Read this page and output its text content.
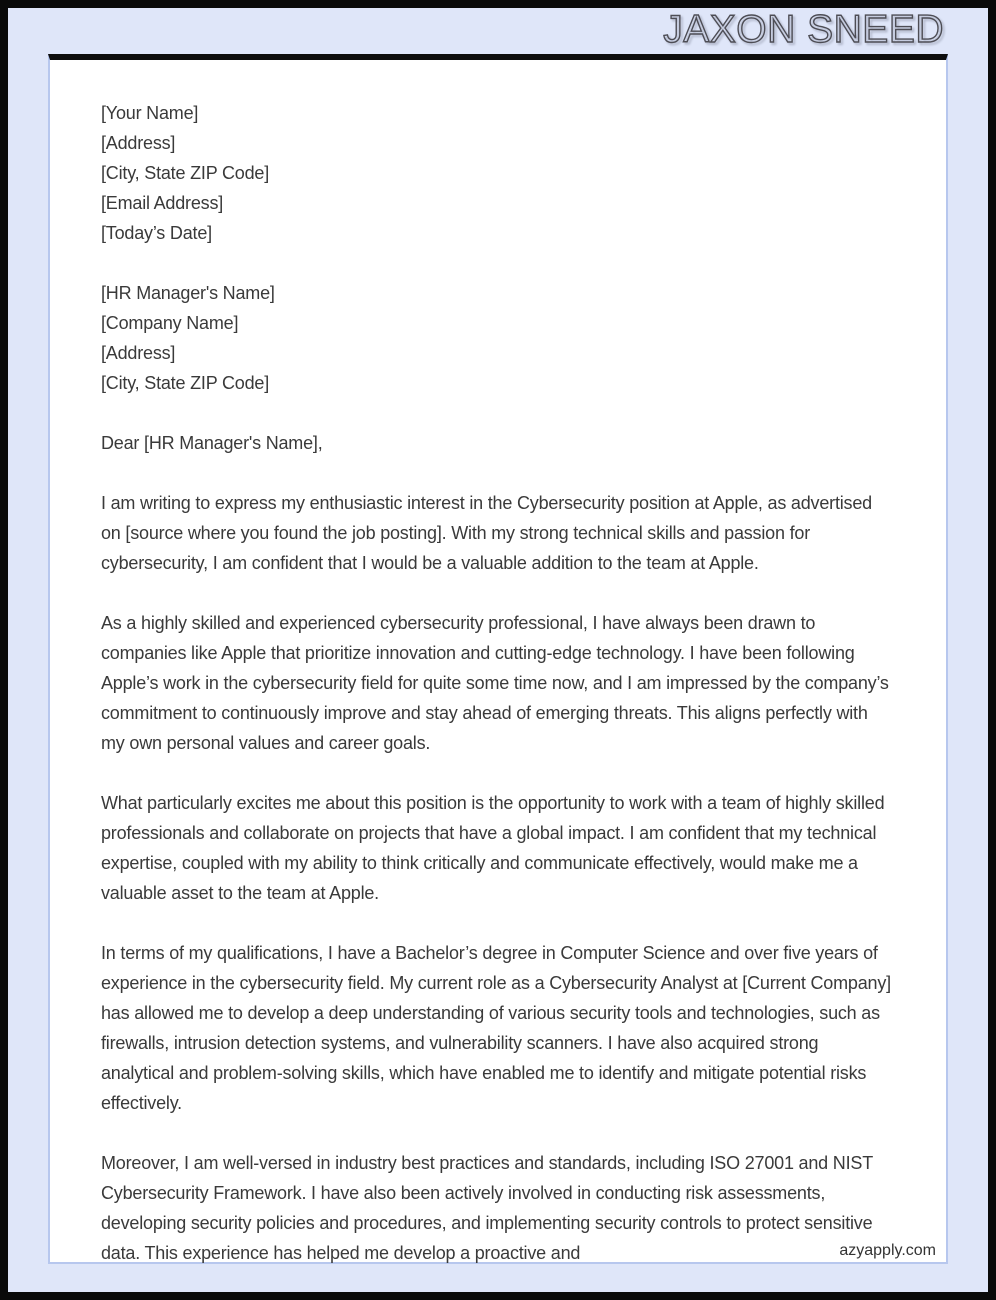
JAXON SNEED
[Your Name]
[Address]
[City, State ZIP Code]
[Email Address]
[Today’s Date]
[HR Manager's Name]
[Company Name]
[Address]
[City, State ZIP Code]
Dear [HR Manager's Name],

I am writing to express my enthusiastic interest in the Cybersecurity position at Apple, as advertised on [source where you found the job posting]. With my strong technical skills and passion for cybersecurity, I am confident that I would be a valuable addition to the team at Apple.

As a highly skilled and experienced cybersecurity professional, I have always been drawn to companies like Apple that prioritize innovation and cutting-edge technology. I have been following Apple’s work in the cybersecurity field for quite some time now, and I am impressed by the company’s commitment to continuously improve and stay ahead of emerging threats. This aligns perfectly with my own personal values and career goals.

What particularly excites me about this position is the opportunity to work with a team of highly skilled professionals and collaborate on projects that have a global impact. I am confident that my technical expertise, coupled with my ability to think critically and communicate effectively, would make me a valuable asset to the team at Apple.

In terms of my qualifications, I have a Bachelor’s degree in Computer Science and over five years of experience in the cybersecurity field. My current role as a Cybersecurity Analyst at [Current Company] has allowed me to develop a deep understanding of various security tools and technologies, such as firewalls, intrusion detection systems, and vulnerability scanners. I have also acquired strong analytical and problem-solving skills, which have enabled me to identify and mitigate potential risks effectively.

Moreover, I am well-versed in industry best practices and standards, including ISO 27001 and NIST Cybersecurity Framework. I have also been actively involved in conducting risk assessments, developing security policies and procedures, and implementing security controls to protect sensitive data. This experience has helped me develop a proactive and	azyapply.com
